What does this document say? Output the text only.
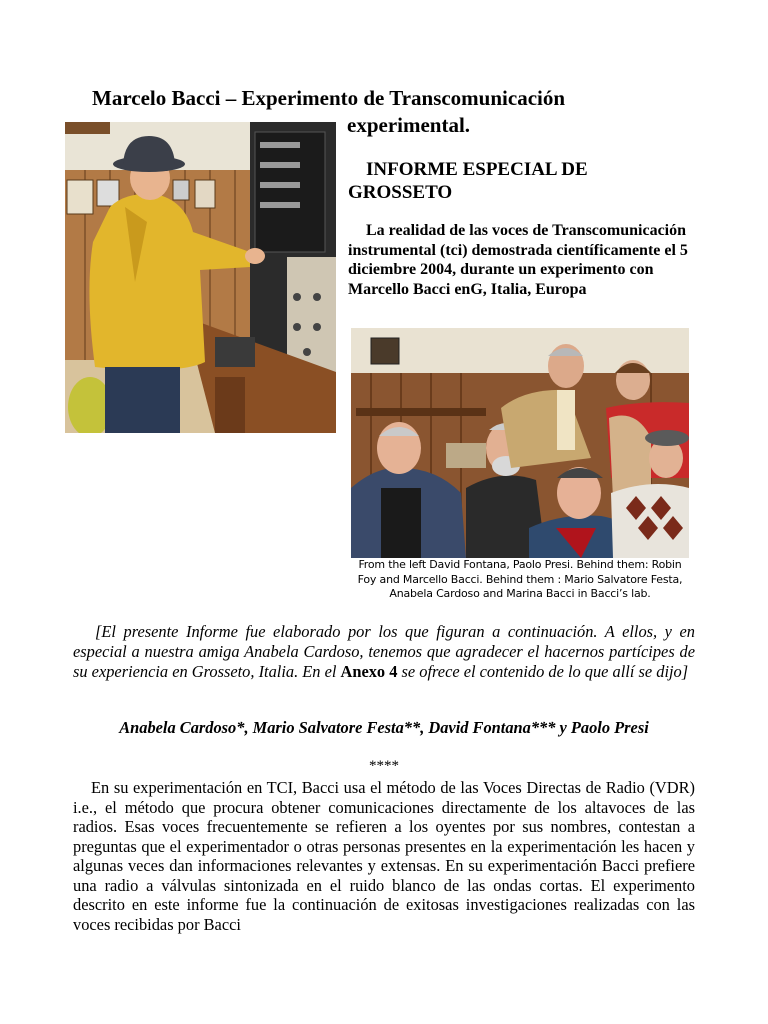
Marcelo Bacci – Experimento de Transcomunicación
experimental.
INFORME ESPECIAL DE
GROSSETO
La realidad de las voces de Transcomunicación instrumental (tci) demostrada científicamente el 5 diciembre 2004, durante un experimento con Marcello Bacci enG, Italia, Europa
From the left David Fontana, Paolo Presi. Behind them: Robin
Foy and Marcello Bacci. Behind them : Mario Salvatore Festa,
Anabela Cardoso and Marina Bacci in Bacci’s lab.
[El presente Informe fue elaborado por los que figuran a continuación. A ellos, y en especial a nuestra amiga Anabela Cardoso, tenemos que agradecer el hacernos partícipes de su experiencia en Grosseto, Italia. En el Anexo 4 se ofrece el contenido de lo que allí se dijo]
Anabela Cardoso*, Mario Salvatore Festa**, David Fontana*** y Paolo Presi
****
En su experimentación en TCI, Bacci usa el método de las Voces Directas de Radio (VDR) i.e., el método que procura obtener comunicaciones directamente de los altavoces de las radios. Esas voces frecuentemente se refieren a los oyentes por sus nombres, contestan a preguntas que el experimentador o otras personas presentes en la experimentación les hacen y algunas veces dan informaciones relevantes y extensas. En su experimentación Bacci prefiere una radio a válvulas sintonizada en el ruido blanco de las ondas cortas. El experimento descrito en este informe fue la continuación de exitosas investigaciones realizadas con las voces recibidas por Bacci
